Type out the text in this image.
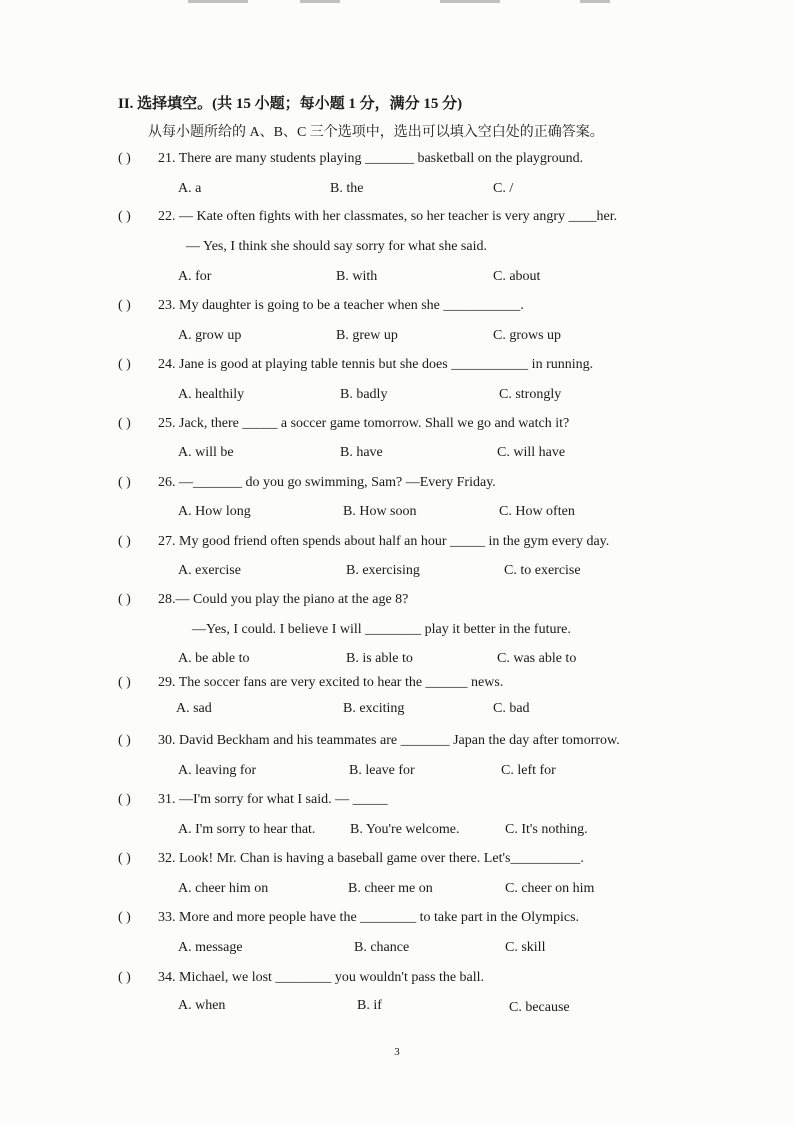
II. 选择填空。(共 15 小题；每小题 1 分，满分 15 分)
从每小题所给的 A、B、C 三个选项中，选出可以填入空白处的正确答案。
( ) 21. There are many students playing _______ basketball on the playground.
A. a	B. the	C. /
( ) 22. — Kate often fights with her classmates, so her teacher is very angry ____her.
— Yes, I think she should say sorry for what she said.
A. for	B. with	C. about
( ) 23. My daughter is going to be a teacher when she ___________.
A. grow up	B. grew up	C. grows up
( ) 24. Jane is good at playing table tennis but she does ___________ in running.
A. healthily	B. badly	C. strongly
( ) 25. Jack, there _____ a soccer game tomorrow. Shall we go and watch it?
A. will be	B. have	C. will have
( ) 26. —_______ do you go swimming, Sam? —Every Friday.
A. How long	B. How soon	C. How often
( ) 27. My good friend often spends about half an hour _____ in the gym every day.
A. exercise	B. exercising	C. to exercise
( ) 28.— Could you play the piano at the age 8?
—Yes, I could. I believe I will ________ play it better in the future.
A. be able to	B. is able to	C. was able to
( ) 29. The soccer fans are very excited to hear the ______ news.
A. sad	B. exciting	C. bad
( ) 30. David Beckham and his teammates are _______ Japan the day after tomorrow.
A. leaving for	B. leave for	C. left for
( ) 31. —I'm sorry for what I said. — _____
A. I'm sorry to hear that. B. You're welcome.	C. It's nothing.
( ) 32. Look! Mr. Chan is having a baseball game over there. Let's__________.
A. cheer him on	B. cheer me on	C. cheer on him
( ) 33. More and more people have the ________ to take part in the Olympics.
A. message	B. chance	C. skill
( ) 34. Michael, we lost ________ you wouldn't pass the ball.
A. when	B. if	C. because
3
